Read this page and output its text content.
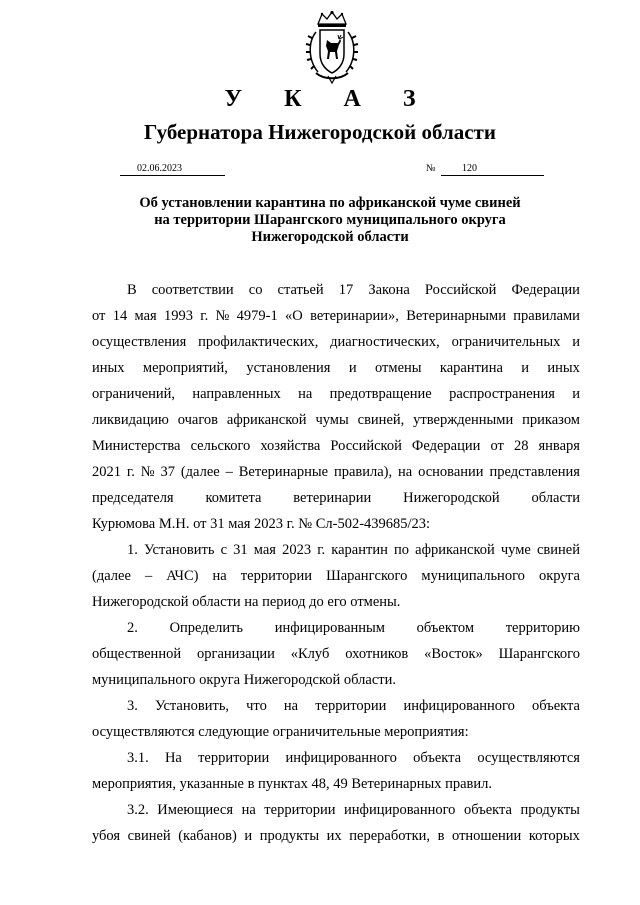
У К А З
Губернатора Нижегородской области
02.06.2023	№	120
Об установлении карантина по африканской чуме свиней
на территории Шарангского муниципального округа
Нижегородской области
В соответствии со статьей 17 Закона Российской Федерации
от 14 мая 1993 г. № 4979-1 «О ветеринарии», Ветеринарными правилами
осуществления профилактических, диагностических, ограничительных и
иных мероприятий, установления и отмены карантина и иных
ограничений, направленных на предотвращение распространения и
ликвидацию очагов африканской чумы свиней, утвержденными приказом
Министерства сельского хозяйства Российской Федерации от 28 января
2021 г. № 37 (далее – Ветеринарные правила), на основании представления
председателя комитета ветеринарии Нижегородской области
Курюмова М.Н. от 31 мая 2023 г. № Сл-502-439685/23:
1. Установить с 31 мая 2023 г. карантин по африканской чуме свиней
(далее – АЧС) на территории Шарангского муниципального округа
Нижегородской области на период до его отмены.
2. Определить инфицированным объектом территорию
общественной организации «Клуб охотников «Восток» Шарангского
муниципального округа Нижегородской области.
3. Установить, что на территории инфицированного объекта
осуществляются следующие ограничительные мероприятия:
3.1. На территории инфицированного объекта осуществляются
мероприятия, указанные в пунктах 48, 49 Ветеринарных правил.
3.2. Имеющиеся на территории инфицированного объекта продукты
убоя свиней (кабанов) и продукты их переработки, в отношении которых
